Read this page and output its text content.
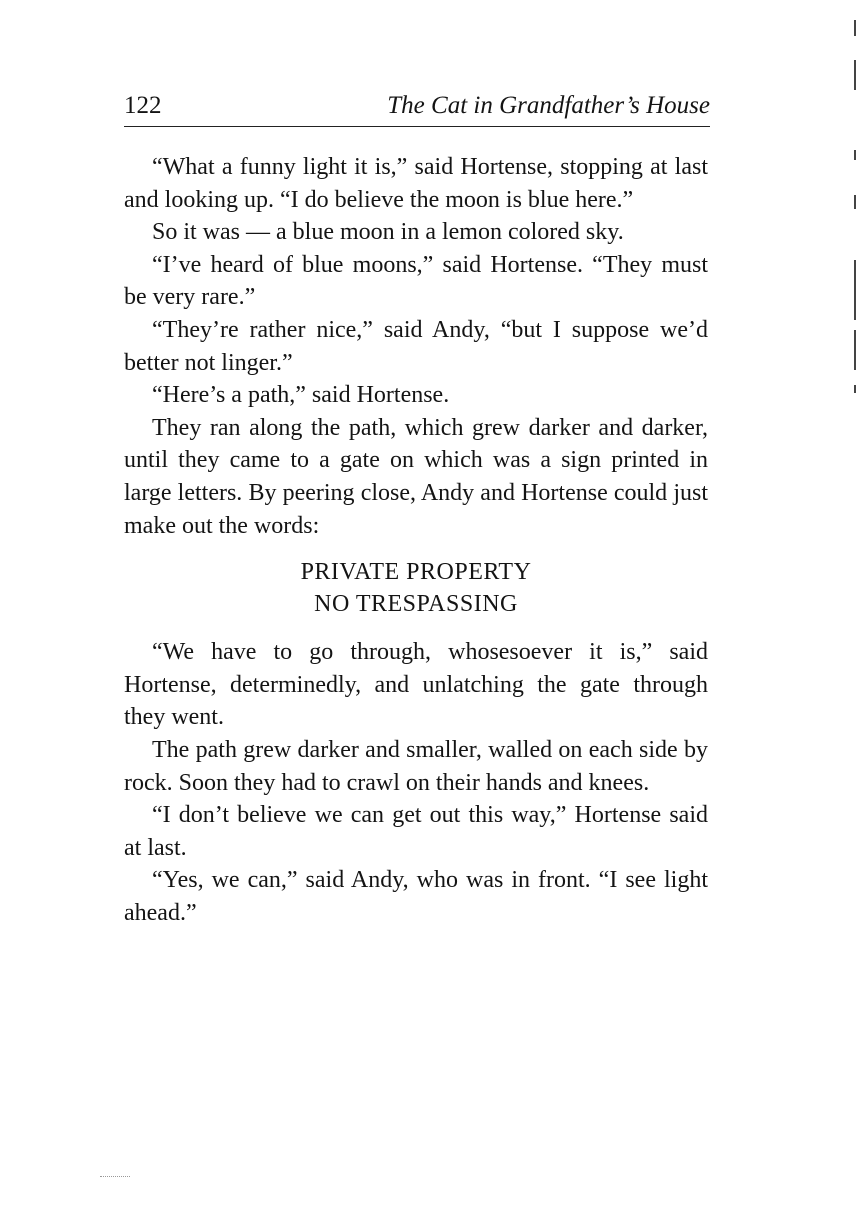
122	The Cat in Grandfather’s House

“What a funny light it is,” said Hortense, stopping at last and looking up. “I do believe the moon is blue here.”

So it was — a blue moon in a lemon colored sky.

“I’ve heard of blue moons,” said Hortense. “They must be very rare.”

“They’re rather nice,” said Andy, “but I suppose we’d better not linger.”

“Here’s a path,” said Hortense.

They ran along the path, which grew darker and darker, until they came to a gate on which was a sign printed in large letters. By peering close, Andy and Hortense could just make out the words:

PRIVATE PROPERTY
NO TRESPASSING

“We have to go through, whosesoever it is,” said Hortense, determinedly, and unlatching the gate through they went.

The path grew darker and smaller, walled on each side by rock. Soon they had to crawl on their hands and knees.

“I don’t believe we can get out this way,” Hortense said at last.

“Yes, we can,” said Andy, who was in front. “I see light ahead.”
